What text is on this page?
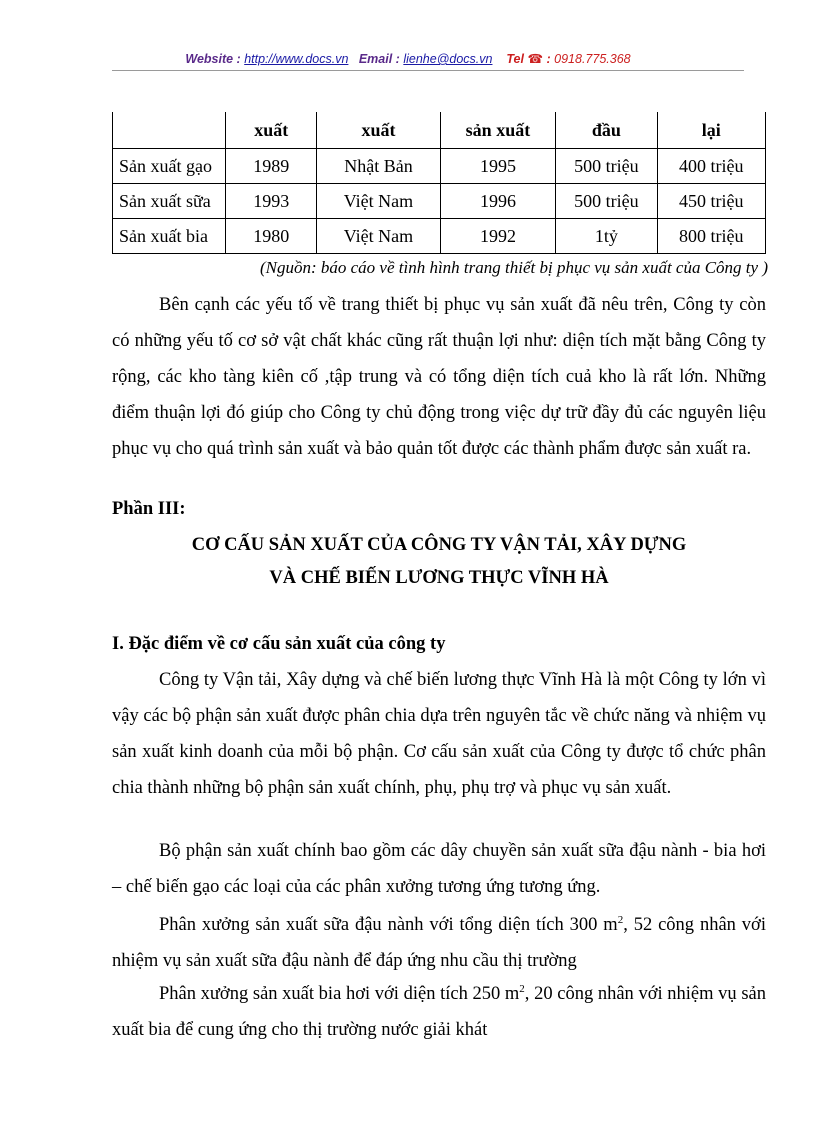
Website : http://www.docs.vn Email : lienhe@docs.vn Tel ☎ : 0918.775.368
	xuất	xuất	sản xuất	đầu	lại
Sản xuất gạo	1989	Nhật Bản	1995	500 triệu	400 triệu
Sản xuất sữa	1993	Việt Nam	1996	500 triệu	450 triệu
Sản xuất bia	1980	Việt Nam	1992	1tỷ	800 triệu
(Nguồn: báo cáo về tình hình trang thiết bị phục vụ sản xuất của Công ty )

Bên cạnh các yếu tố về trang thiết bị phục vụ sản xuất đã nêu trên, Công ty còn có những yếu tố cơ sở vật chất khác cũng rất thuận lợi như: diện tích mặt bằng Công ty rộng, các kho tàng kiên cố ,tập trung và có tổng diện tích cuả kho là rất lớn. Những điểm thuận lợi đó giúp cho Công ty chủ động trong việc dự trữ đầy đủ các nguyên liệu phục vụ cho quá trình sản xuất và bảo quản tốt được các thành phẩm được sản xuất ra.

Phần III:
CƠ CẤU SẢN XUẤT CỦA CÔNG TY VẬN TẢI, XÂY DỰNG
VÀ CHẾ BIẾN LƯƠNG THỰC VĨNH HÀ
I. Đặc điểm về cơ cấu sản xuất của công ty

Công ty Vận tải, Xây dựng và chế biến lương thực Vĩnh Hà là một Công ty lớn vì vậy các bộ phận sản xuất được phân chia dựa trên nguyên tắc về chức năng và nhiệm vụ sản xuất kinh doanh của mỗi bộ phận. Cơ cấu sản xuất của Công ty được tổ chức phân chia thành những bộ phận sản xuất chính, phụ, phụ trợ và phục vụ sản xuất.

Bộ phận sản xuất chính bao gồm các dây chuyền sản xuất sữa đậu nành - bia hơi – chế biến gạo các loại của các phân xưởng tương ứng tương ứng.

Phân xưởng sản xuất sữa đậu nành với tổng diện tích 300 $m^2$, 52 công nhân với nhiệm vụ sản xuất sữa đậu nành để đáp ứng nhu cầu thị trường

Phân xưởng sản xuất bia hơi với diện tích 250 $m^2$, 20 công nhân với nhiệm vụ sản xuất bia để cung ứng cho thị trường nước giải khát
